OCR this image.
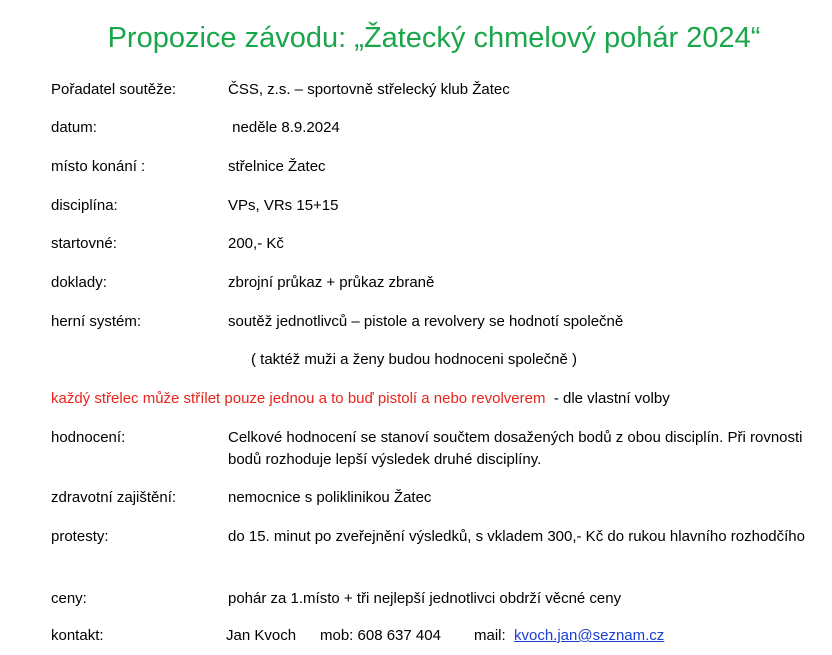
Propozice závodu: „Žatecký chmelový pohár 2024“
Pořadatel soutěže:	ČSS, z.s. – sportovně střelecký klub Žatec
datum:	neděle 8.9.2024
místo konání :	střelnice Žatec
disciplína:	VPs, VRs 15+15
startovné:	200,- Kč
doklady:	zbrojní průkaz + průkaz zbraně
herní systém:	soutěž jednotlivců – pistole a revolvery se hodnotí společně
( taktéž muži a ženy budou hodnoceni společně )
každý střelec může střílet pouze jednou a to buď pistolí a nebo revolverem  - dle vlastní volby
hodnocení:	Celkové hodnocení se stanoví součtem dosažených bodů z obou disciplín. Při rovnosti bodů rozhoduje lepší výsledek druhé disciplíny.
zdravotní zajištění:	nemocnice s poliklinikou Žatec
protesty:	do 15. minut po zveřejnění výsledků, s vkladem 300,- Kč do rukou hlavního rozhodčího
ceny:	pohár za 1.místo + tři nejlepší jednotlivci obdrží věcné ceny
kontakt:	Jan Kvoch mob: 608 637 404 mail: kvoch.jan@seznam.cz
